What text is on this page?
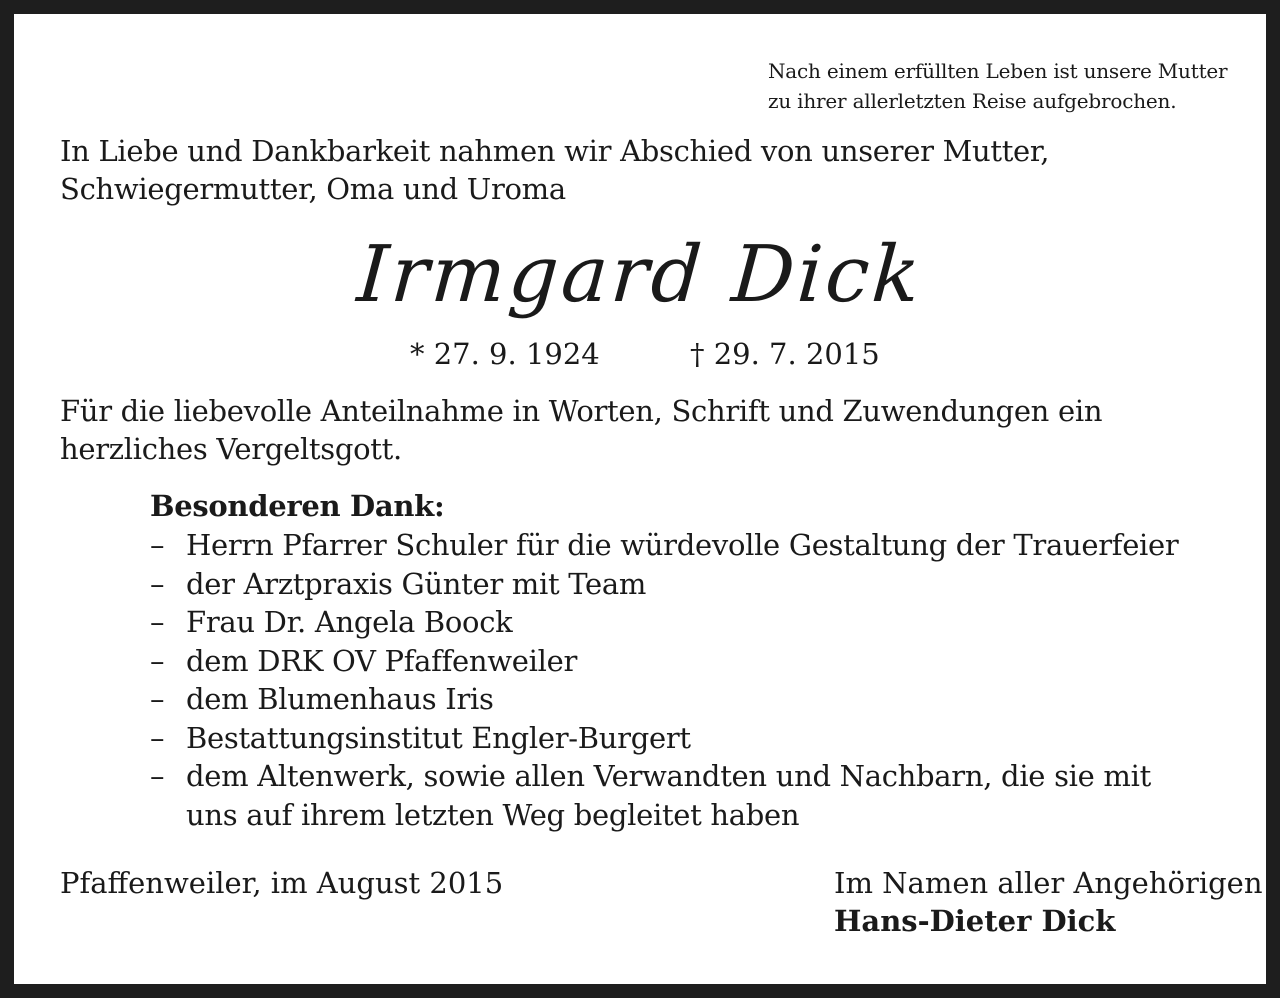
Nach einem erfüllten Leben ist unsere Mutter
zu ihrer allerletzten Reise aufgebrochen.
In Liebe und Dankbarkeit nahmen wir Abschied von unserer Mutter, Schwiegermutter, Oma und Uroma
Irmgard Dick
* 27. 9. 1924	† 29. 7. 2015
Für die liebevolle Anteilnahme in Worten, Schrift und Zuwendungen ein herzliches Vergeltsgott.
Besonderen Dank:
– Herrn Pfarrer Schuler für die würdevolle Gestaltung der Trauerfeier
– der Arztpraxis Günter mit Team
– Frau Dr. Angela Boock
– dem DRK OV Pfaffenweiler
– dem Blumenhaus Iris
– Bestattungsinstitut Engler-Burgert
– dem Altenwerk, sowie allen Verwandten und Nachbarn, die sie mit uns auf ihrem letzten Weg begleitet haben
Pfaffenweiler, im August 2015	Im Namen aller Angehörigen
Hans-Dieter Dick
